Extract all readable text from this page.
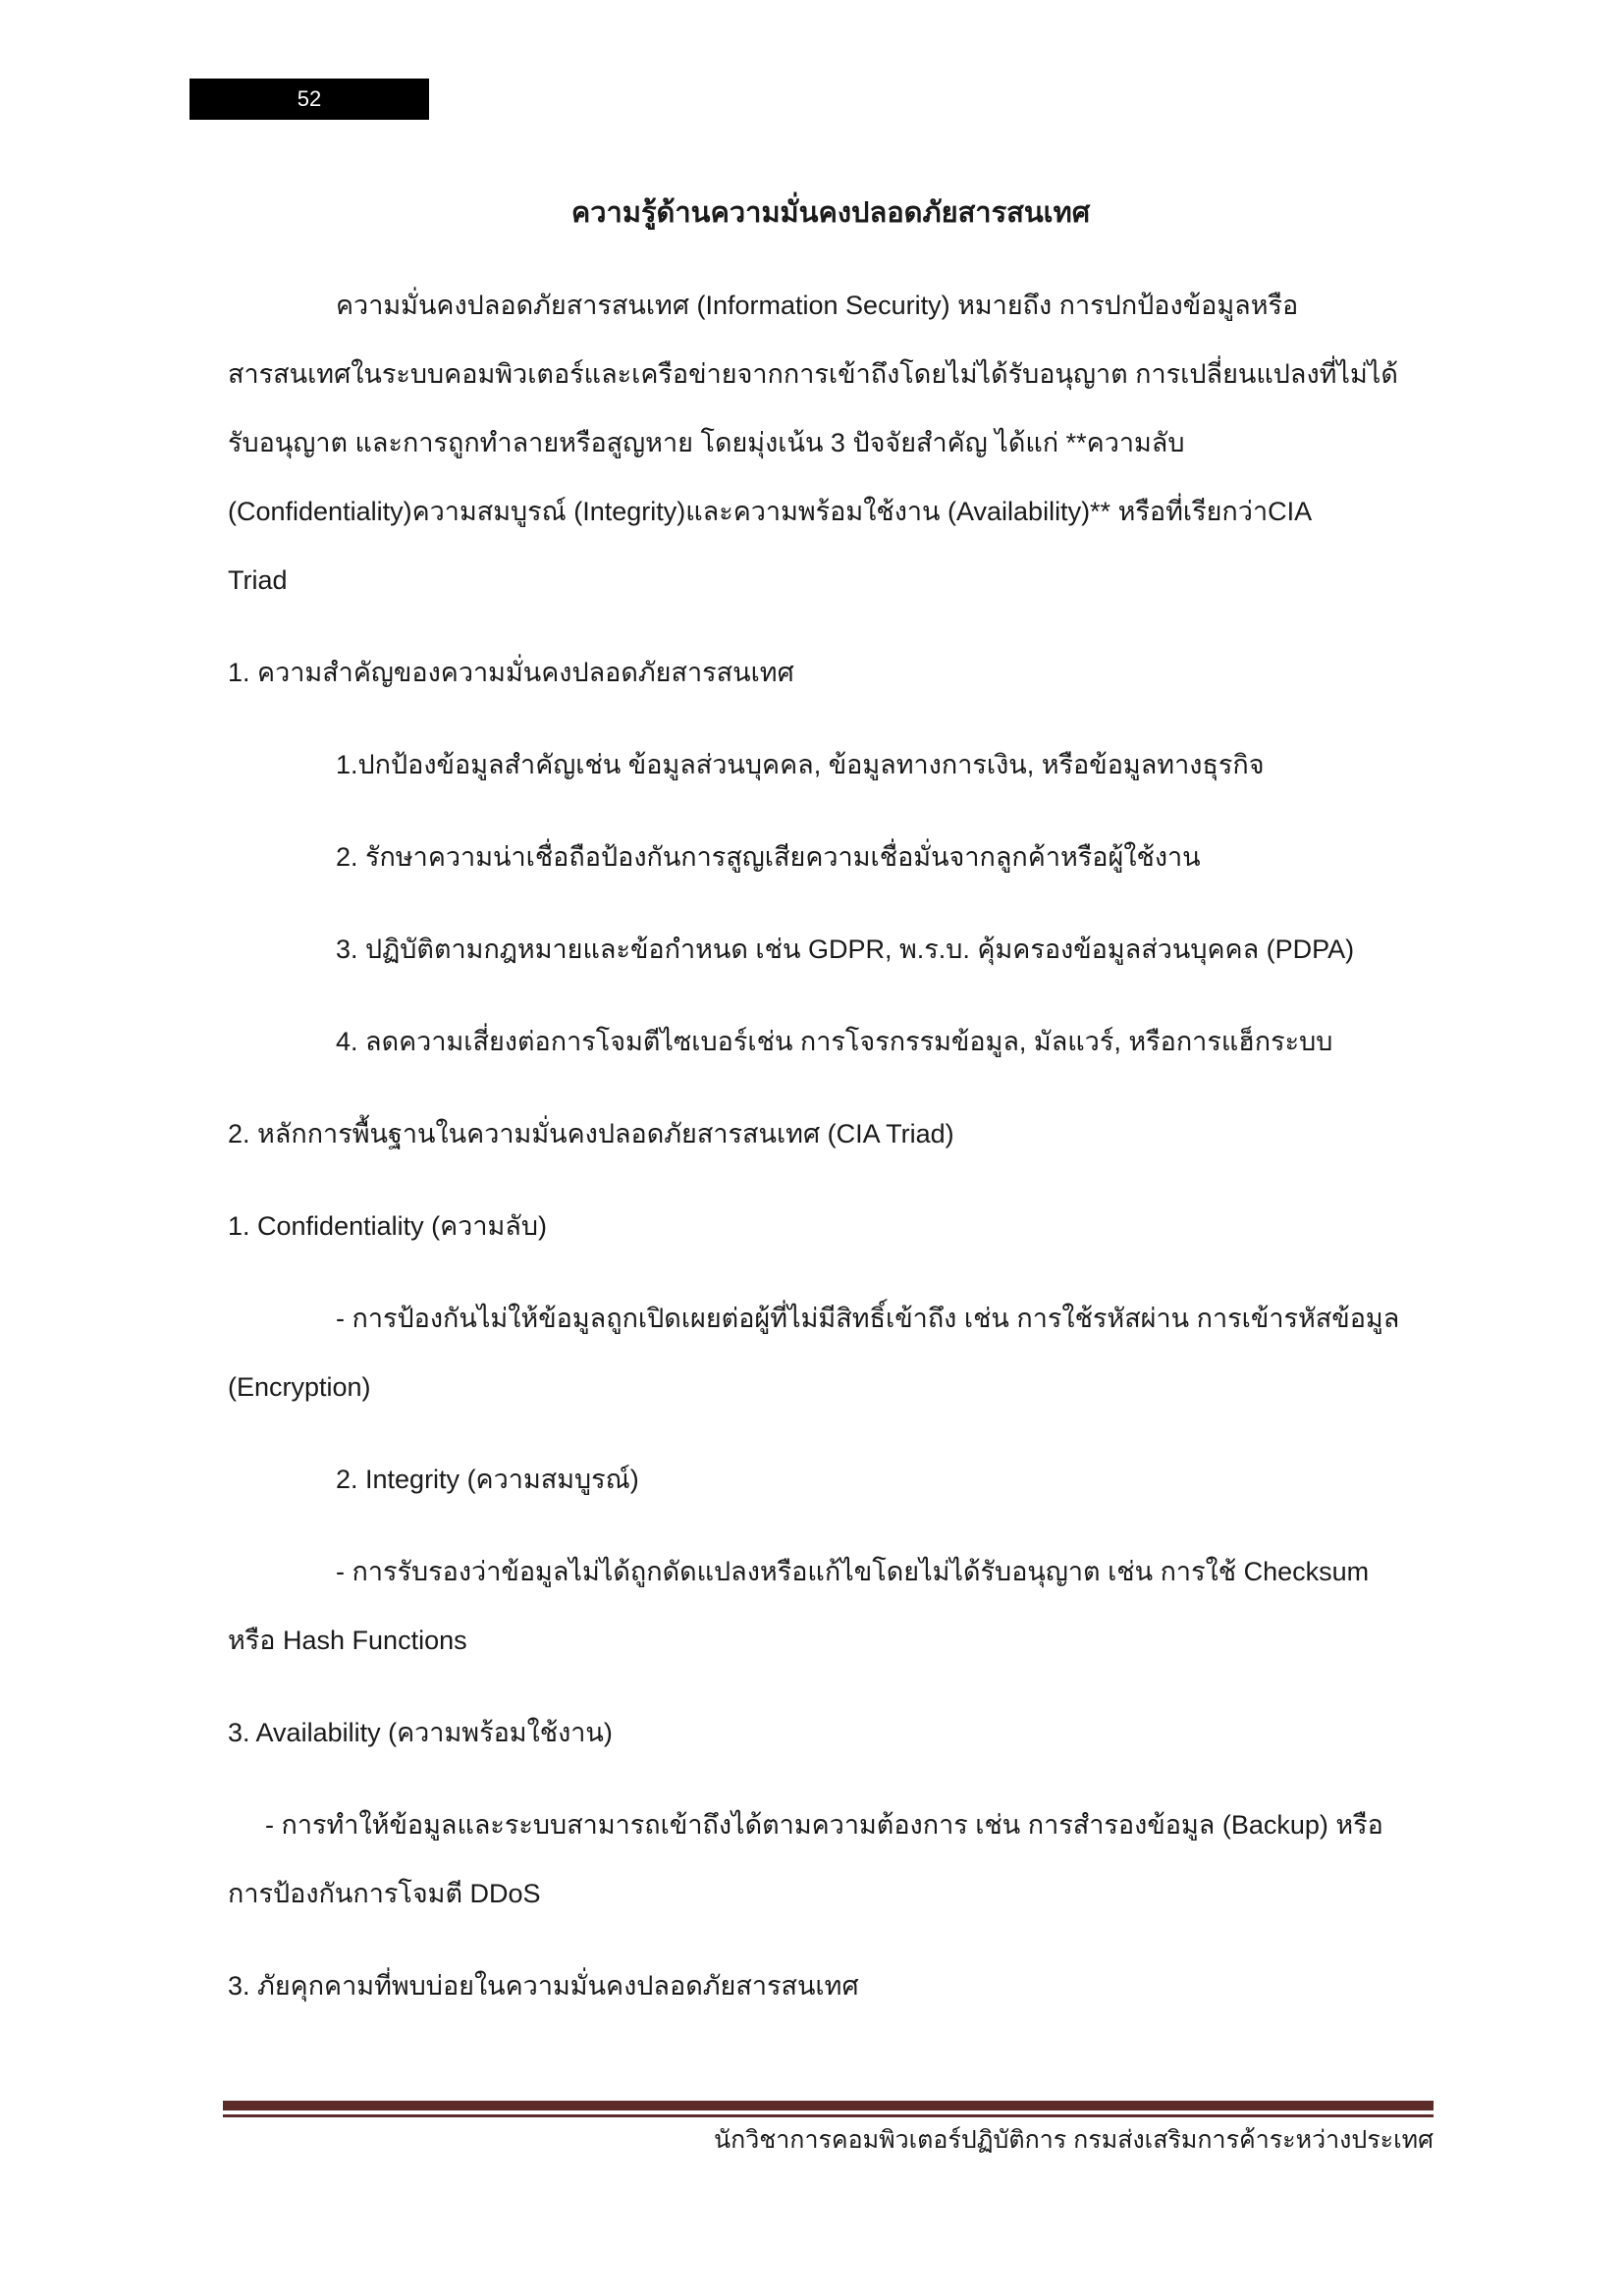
52
ความรู้ด้านความมั่นคงปลอดภัยสารสนเทศ
ความมั่นคงปลอดภัยสารสนเทศ (Information Security) หมายถึง การปกป้องข้อมูลหรือ
สารสนเทศในระบบคอมพิวเตอร์และเครือข่ายจากการเข้าถึงโดยไม่ได้รับอนุญาต การเปลี่ยนแปลงที่ไม่ได้
รับอนุญาต และการถูกทำลายหรือสูญหาย โดยมุ่งเน้น 3 ปัจจัยสำคัญ ได้แก่ **ความลับ
(Confidentiality)ความสมบูรณ์ (Integrity)และความพร้อมใช้งาน (Availability)** หรือที่เรียกว่าCIA
Triad
1. ความสำคัญของความมั่นคงปลอดภัยสารสนเทศ
1.ปกป้องข้อมูลสำคัญเช่น ข้อมูลส่วนบุคคล, ข้อมูลทางการเงิน, หรือข้อมูลทางธุรกิจ
2. รักษาความน่าเชื่อถือป้องกันการสูญเสียความเชื่อมั่นจากลูกค้าหรือผู้ใช้งาน
3. ปฏิบัติตามกฎหมายและข้อกำหนด เช่น GDPR, พ.ร.บ. คุ้มครองข้อมูลส่วนบุคคล (PDPA)
4. ลดความเสี่ยงต่อการโจมตีไซเบอร์เช่น การโจรกรรมข้อมูล, มัลแวร์, หรือการแฮ็กระบบ
2. หลักการพื้นฐานในความมั่นคงปลอดภัยสารสนเทศ (CIA Triad)
1. Confidentiality (ความลับ)
- การป้องกันไม่ให้ข้อมูลถูกเปิดเผยต่อผู้ที่ไม่มีสิทธิ์เข้าถึง เช่น การใช้รหัสผ่าน การเข้ารหัสข้อมูล
(Encryption)
2. Integrity (ความสมบูรณ์)
- การรับรองว่าข้อมูลไม่ได้ถูกดัดแปลงหรือแก้ไขโดยไม่ได้รับอนุญาต เช่น การใช้ Checksum
หรือ Hash Functions
3. Availability (ความพร้อมใช้งาน)
- การทำให้ข้อมูลและระบบสามารถเข้าถึงได้ตามความต้องการ เช่น การสำรองข้อมูล (Backup) หรือ
การป้องกันการโจมตี DDoS
3. ภัยคุกคามที่พบบ่อยในความมั่นคงปลอดภัยสารสนเทศ
นักวิชาการคอมพิวเตอร์ปฏิบัติการ กรมส่งเสริมการค้าระหว่างประเทศ
